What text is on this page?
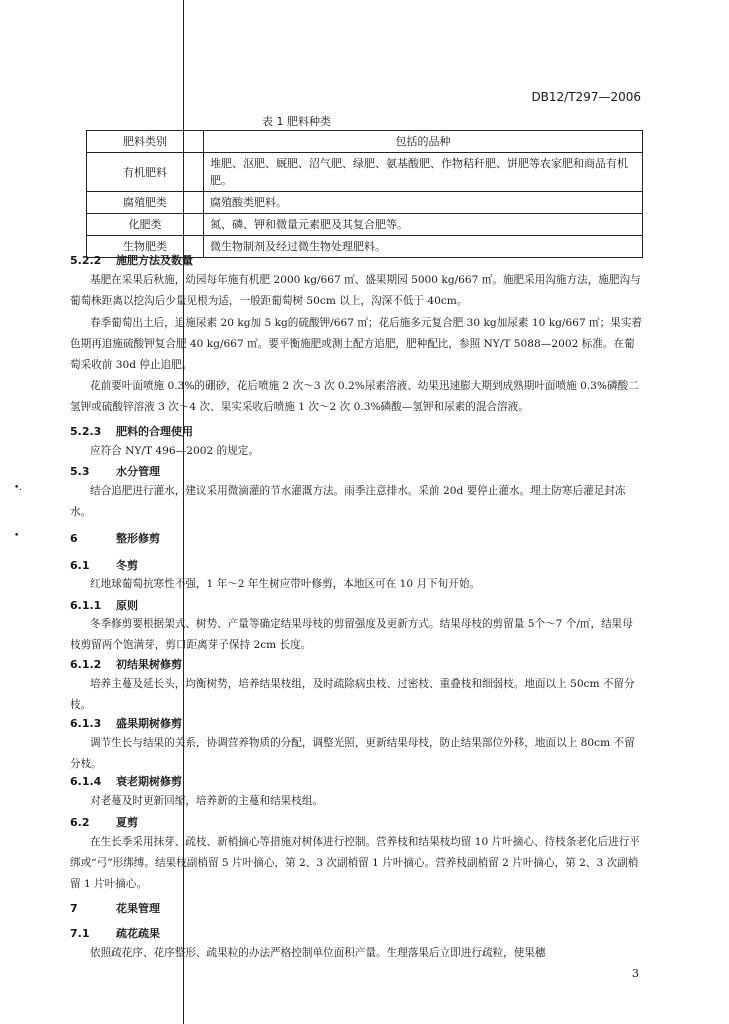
•.
•
DB12/T297—2006
表 1 肥料种类
肥料类别	包括的品种
有机肥料	堆肥、沤肥、厩肥、沼气肥、绿肥、氨基酸肥、作物秸秆肥、饼肥等农家肥和商品有机肥。
腐殖肥类	腐殖酸类肥料。
化肥类	氮、磷、钾和微量元素肥及其复合肥等。
生物肥类	微生物制剂及经过微生物处理肥料。
5.2.2 施肥方法及数量
基肥在采果后秋施，幼园每年施有机肥 2000 kg/667 ㎡、盛果期园 5000 kg/667 ㎡。施肥采用沟施方法，施肥沟与葡萄株距离以挖沟后少量见根为适，一般距葡萄树 50cm 以上，沟深不低于 40cm。
春季葡萄出土后，追施尿素 20 kg加 5 kg的硫酸钾/667 ㎡；花后施多元复合肥 30 kg加尿素 10 kg/667 ㎡；果实着色期再追施硫酸钾复合肥 40 kg/667 ㎡。要平衡施肥或测土配方追肥，肥种配比，参照 NY/T 5088—2002 标准。在葡萄采收前 30d 停止追肥。
花前要叶面喷施 0.3%的硼砂，花后喷施 2 次～3 次 0.2%尿素溶液、幼果迅速膨大期到成熟期叶面喷施 0.3%磷酸二氢钾或硫酸锌溶液 3 次～4 次、果实采收后喷施 1 次～2 次 0.3%磷酸—氢钾和尿素的混合溶液。
5.2.3 肥料的合理使用
应符合 NY/T 496—2002 的规定。
5.3 水分管理
结合追肥进行灌水，建议采用微滴灌的节水灌溉方法。雨季注意排水。采前 20d 要停止灌水。埋土防寒后灌足封冻水。
6	整形修剪
6.1 冬剪
红地球葡萄抗寒性不强，1 年～2 年生树应带叶修剪，本地区可在 10 月下旬开始。
6.1.1 原则
冬季修剪要根据架式、树势、产量等确定结果母枝的剪留强度及更新方式。结果母枝的剪留量 5个～7 个/㎡，结果母枝剪留两个饱满芽，剪口距离芽子保持 2cm 长度。
6.1.2 初结果树修剪
培养主蔓及延长头，均衡树势，培养结果枝组，及时疏除病虫枝、过密枝、重叠枝和细弱枝。地面以上 50cm 不留分枝。
6.1.3 盛果期树修剪
调节生长与结果的关系，协调营养物质的分配，调整光照，更新结果母枝，防止结果部位外移，地面以上 80cm 不留分枝。
6.1.4 衰老期树修剪
对老蔓及时更新回缩，培养新的主蔓和结果枝组。
6.2 夏剪
在生长季采用抹芽、疏枝、新梢摘心等措施对树体进行控制。营养枝和结果枝均留 10 片叶摘心、待枝条老化后进行平绑或“弓”形绑缚。结果枝副梢留 5 片叶摘心，第 2、3 次副梢留 1 片叶摘心。营养枝副梢留 2 片叶摘心，第 2、3 次副梢留 1 片叶摘心。
7	花果管理
7.1 疏花疏果
依照疏花序、花序整形、疏果粒的办法严格控制单位面积产量。生理落果后立即进行疏粒，使果穗
3
